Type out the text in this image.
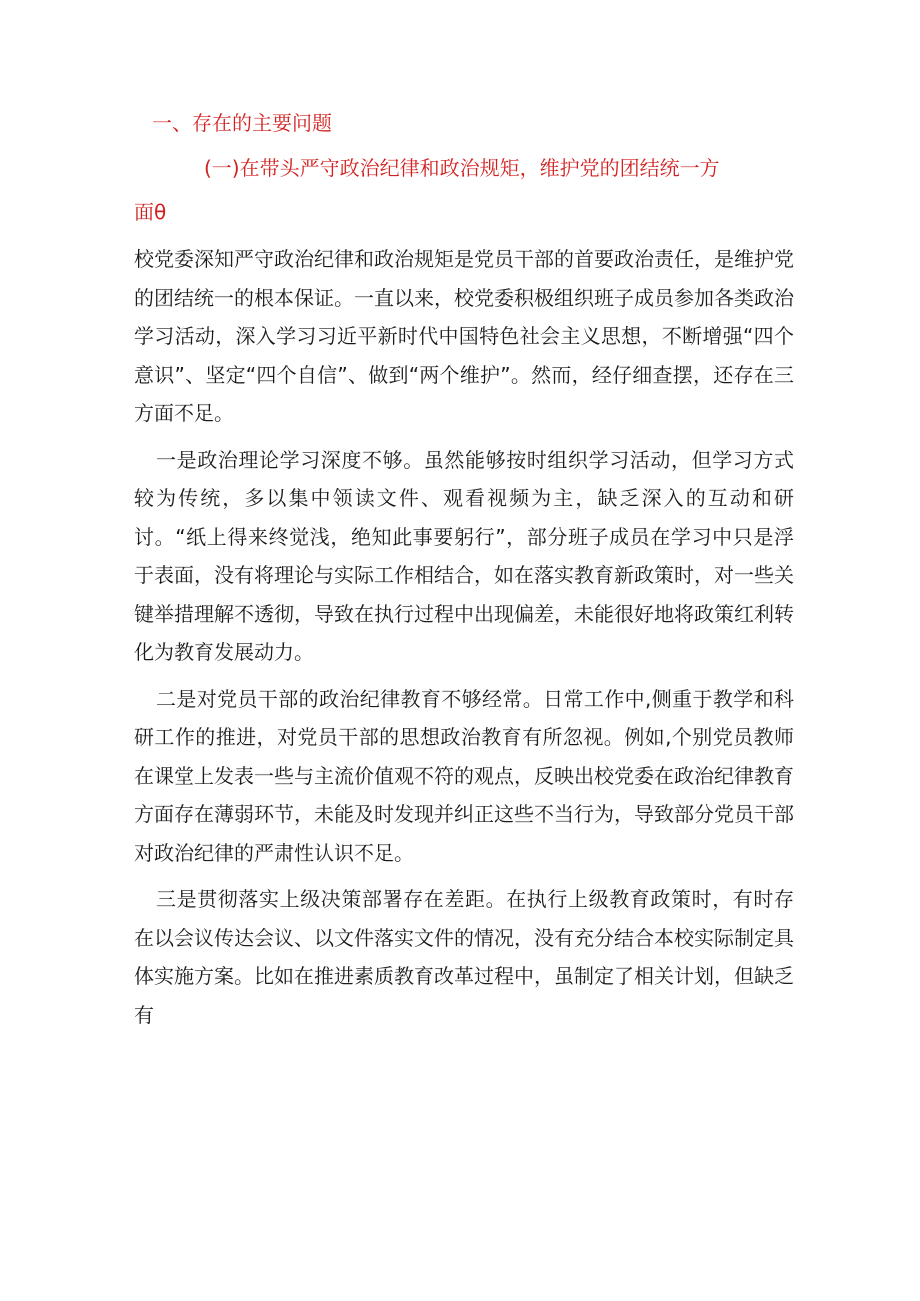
一、存在的主要问题
(一)在带头严守政治纪律和政治规矩，维护党的团结统一方
面θ

校党委深知严守政治纪律和政治规矩是党员干部的首要政治责任，是维护党的团结统一的根本保证。一直以来，校党委积极组织班子成员参加各类政治学习活动，深入学习习近平新时代中国特色社会主义思想，不断增强“四个意识”、坚定“四个自信”、做到“两个维护”。然而，经仔细查摆，还存在三方面不足。

一是政治理论学习深度不够。虽然能够按时组织学习活动，但学习方式较为传统，多以集中领读文件、观看视频为主，缺乏深入的互动和研讨。“纸上得来终觉浅，绝知此事要躬行”，部分班子成员在学习中只是浮于表面，没有将理论与实际工作相结合，如在落实教育新政策时，对一些关键举措理解不透彻，导致在执行过程中出现偏差，未能很好地将政策红利转化为教育发展动力。

二是对党员干部的政治纪律教育不够经常。日常工作中,侧重于教学和科研工作的推进，对党员干部的思想政治教育有所忽视。例如,个别党员教师在课堂上发表一些与主流价值观不符的观点，反映出校党委在政治纪律教育方面存在薄弱环节，未能及时发现并纠正这些不当行为，导致部分党员干部对政治纪律的严肃性认识不足。

三是贯彻落实上级决策部署存在差距。在执行上级教育政策时，有时存在以会议传达会议、以文件落实文件的情况，没有充分结合本校实际制定具体实施方案。比如在推进素质教育改革过程中，虽制定了相关计划，但缺乏有
